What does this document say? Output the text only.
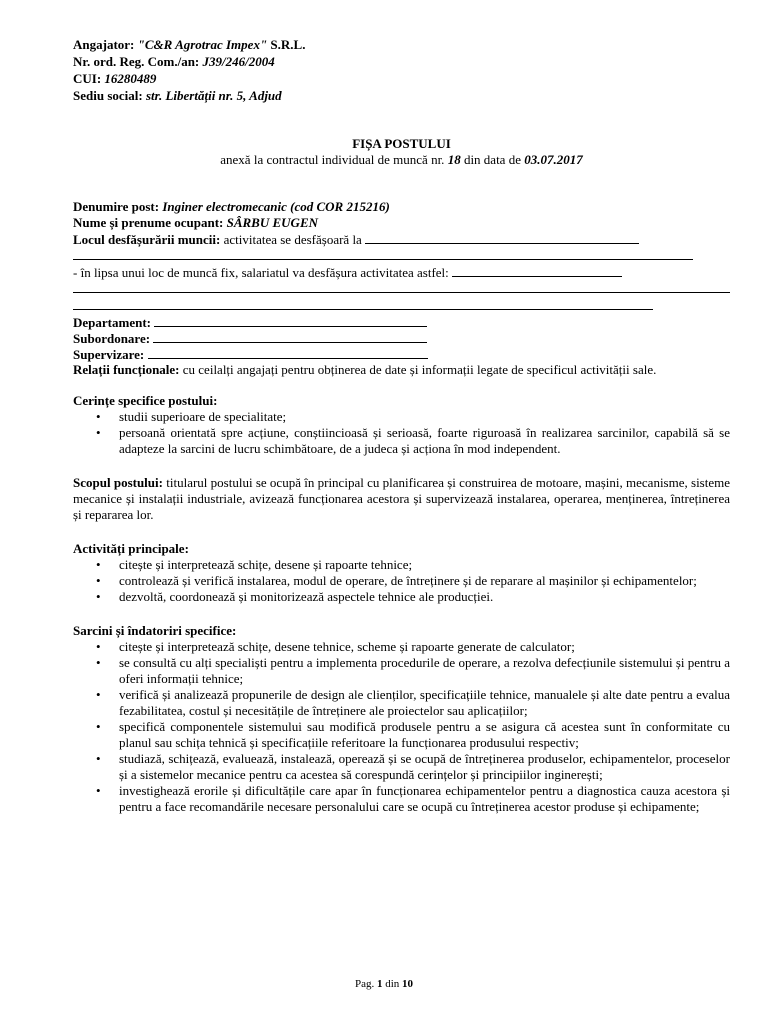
Angajator: "C&R Agrotrac Impex" S.R.L.
Nr. ord. Reg. Com./an: J39/246/2004
CUI: 16280489
Sediu social: str. Libertății nr. 5, Adjud
FIȘA POSTULUI
anexă la contractul individual de muncă nr. 18 din data de 03.07.2017
Denumire post: Inginer electromecanic (cod COR 215216)
Nume și prenume ocupant: SÂRBU EUGEN
Locul desfășurării muncii: activitatea se desfășoară la
- în lipsa unui loc de muncă fix, salariatul va desfășura activitatea astfel:
Departament:
Subordonare:
Supervizare:
Relații funcționale: cu ceilalți angajați pentru obținerea de date și informații legate de specificul activității sale.
Cerințe specifice postului:
• studii superioare de specialitate;
• persoană orientată spre acțiune, conștiincioasă și serioasă, foarte riguroasă în realizarea sarcinilor, capabilă să se adapteze la sarcini de lucru schimbătoare, de a judeca și acționa în mod independent.
Scopul postului: titularul postului se ocupă în principal cu planificarea și construirea de motoare, mașini, mecanisme, sisteme mecanice și instalații industriale, avizează funcționarea acestora și supervizează instalarea, operarea, menținerea, întreținerea și repararea lor.
Activități principale:
• citește și interpretează schițe, desene și rapoarte tehnice;
• controlează și verifică instalarea, modul de operare, de întreținere și de reparare al mașinilor și echipamentelor;
• dezvoltă, coordonează și monitorizează aspectele tehnice ale producției.
Sarcini și îndatoriri specifice:
• citește și interpretează schițe, desene tehnice, scheme și rapoarte generate de calculator;
• se consultă cu alți specialiști pentru a implementa procedurile de operare, a rezolva defecțiunile sistemului și pentru a oferi informații tehnice;
• verifică și analizează propunerile de design ale clienților, specificațiile tehnice, manualele și alte date pentru a evalua fezabilitatea, costul și necesitățile de întreținere ale proiectelor sau aplicațiilor;
• specifică componentele sistemului sau modifică produsele pentru a se asigura că acestea sunt în conformitate cu planul sau schița tehnică și specificațiile referitoare la funcționarea produsului respectiv;
• studiază, schițează, evaluează, instalează, operează și se ocupă de întreținerea produselor, echipamentelor, proceselor și a sistemelor mecanice pentru ca acestea să corespundă cerințelor și principiilor inginerești;
• investighează erorile și dificultățile care apar în funcționarea echipamentelor pentru a diagnostica cauza acestora și pentru a face recomandările necesare personalului care se ocupă cu întreținerea acestor produse și echipamente;
Pag. 1 din 10
